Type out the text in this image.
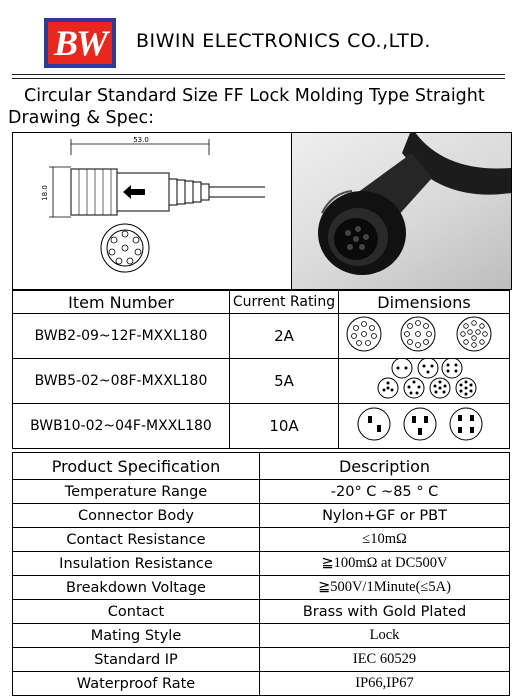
BW	BIWIN ELECTRONICS CO.,LTD.
Circular Standard Size FF Lock Molding Type Straight
Drawing & Spec:
53.0
18.0
Item Number	Current Rating	Dimensions
BWB2-09~12F-MXXL180	2A	
BWB5-02~08F-MXXL180	5A	
BWB10-02~04F-MXXL180	10A	
Product Specification	Description
Temperature Range	-20° C ~85 ° C
Connector Body	Nylon+GF or PBT
Contact Resistance	≤10mΩ
Insulation Resistance	≧100mΩ at DC500V
Breakdown Voltage	≧500V/1Minute(≤5A)
Contact	Brass with Gold Plated
Mating Style	Lock
Standard IP	IEC 60529
Waterproof Rate	IP66,IP67
